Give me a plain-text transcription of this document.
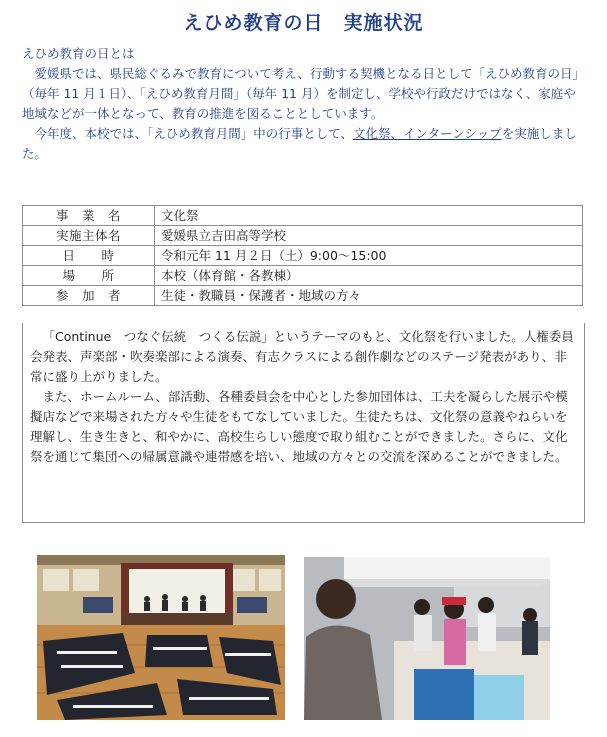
えひめ教育の日　実施状況

えひめ教育の日とは

愛媛県では、県民総ぐるみで教育について考え、行動する契機となる日として「えひめ教育の日」（毎年 11 月１日）、「えひめ教育月間」（毎年 11 月）を制定し、学校や行政だけではなく、家庭や地域などが一体となって、教育の推進を図ることとしています。

今年度、本校では、「えひめ教育月間」中の行事として、文化祭、インターンシップを実施しました。

事　業　名	文化祭
実施主体名	愛媛県立吉田高等学校
日　　時	令和元年 11 月２日（土）9:00～15:00
場　　所	本校（体育館・各教棟）
参　加　者	生徒・教職員・保護者・地域の方々

「Continue　つなぐ伝統　つくる伝説」というテーマのもと、文化祭を行いました。人権委員会発表、声楽部・吹奏楽部による演奏、有志クラスによる創作劇などのステージ発表があり、非常に盛り上がりました。

また、ホームルーム、部活動、各種委員会を中心とした参加団体は、工夫を凝らした展示や模擬店などで来場された方々や生徒をもてなしていました。生徒たちは、文化祭の意義やねらいを理解し、生き生きと、和やかに、高校生らしい態度で取り組むことができました。さらに、文化祭を通じて集団への帰属意識や連帯感を培い、地域の方々との交流を深めることができました。
